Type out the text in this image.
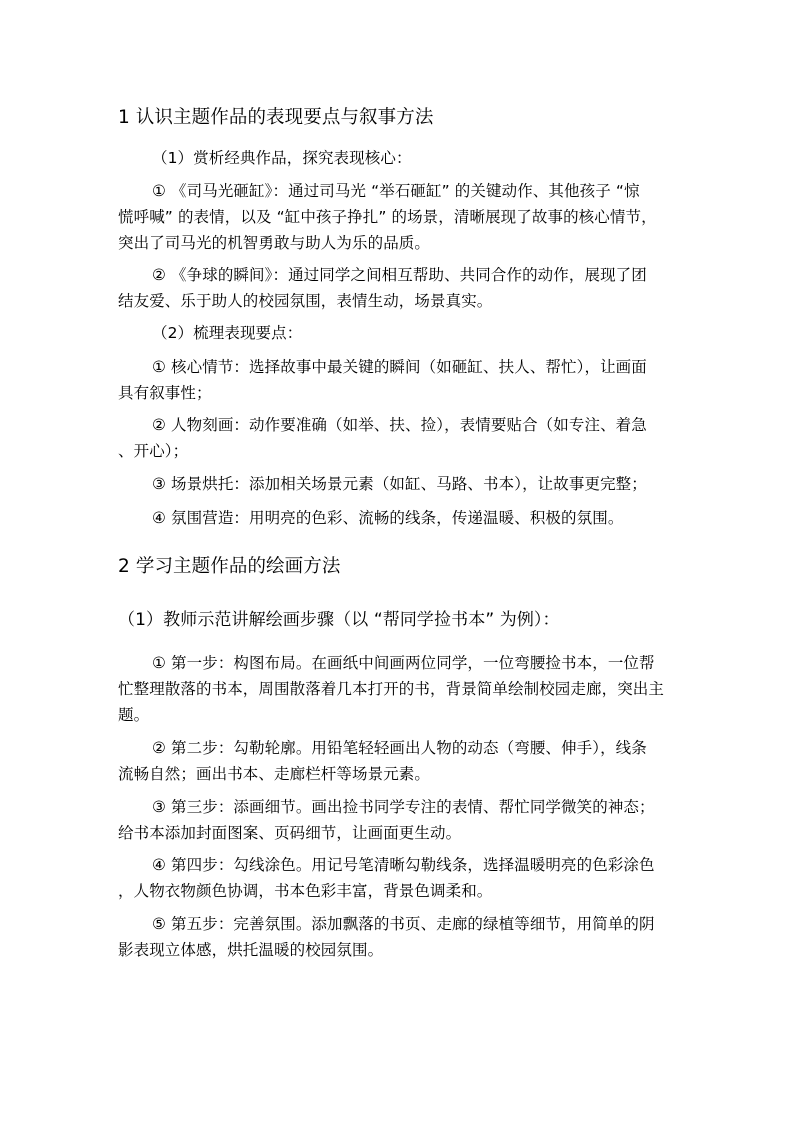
1 认识主题作品的表现要点与叙事方法
（1）赏析经典作品，探究表现核心：
① 《司马光砸缸》：通过司马光 “举石砸缸” 的关键动作、其他孩子 “惊
慌呼喊” 的表情，以及 “缸中孩子挣扎” 的场景，清晰展现了故事的核心情节，
突出了司马光的机智勇敢与助人为乐的品质。
② 《争球的瞬间》：通过同学之间相互帮助、共同合作的动作，展现了团
结友爱、乐于助人的校园氛围，表情生动，场景真实。
（2）梳理表现要点：
① 核心情节：选择故事中最关键的瞬间（如砸缸、扶人、帮忙），让画面
具有叙事性；
② 人物刻画：动作要准确（如举、扶、捡），表情要贴合（如专注、着急
、开心）；
③ 场景烘托：添加相关场景元素（如缸、马路、书本），让故事更完整；
④ 氛围营造：用明亮的色彩、流畅的线条，传递温暖、积极的氛围。
2 学习主题作品的绘画方法
（1）教师示范讲解绘画步骤（以 “帮同学捡书本” 为例）：
① 第一步：构图布局。在画纸中间画两位同学，一位弯腰捡书本，一位帮
忙整理散落的书本，周围散落着几本打开的书，背景简单绘制校园走廊，突出主
题。
② 第二步：勾勒轮廓。用铅笔轻轻画出人物的动态（弯腰、伸手），线条
流畅自然；画出书本、走廊栏杆等场景元素。
③ 第三步：添画细节。画出捡书同学专注的表情、帮忙同学微笑的神态；
给书本添加封面图案、页码细节，让画面更生动。
④ 第四步：勾线涂色。用记号笔清晰勾勒线条，选择温暖明亮的色彩涂色
，人物衣物颜色协调，书本色彩丰富，背景色调柔和。
⑤ 第五步：完善氛围。添加飘落的书页、走廊的绿植等细节，用简单的阴
影表现立体感，烘托温暖的校园氛围。
